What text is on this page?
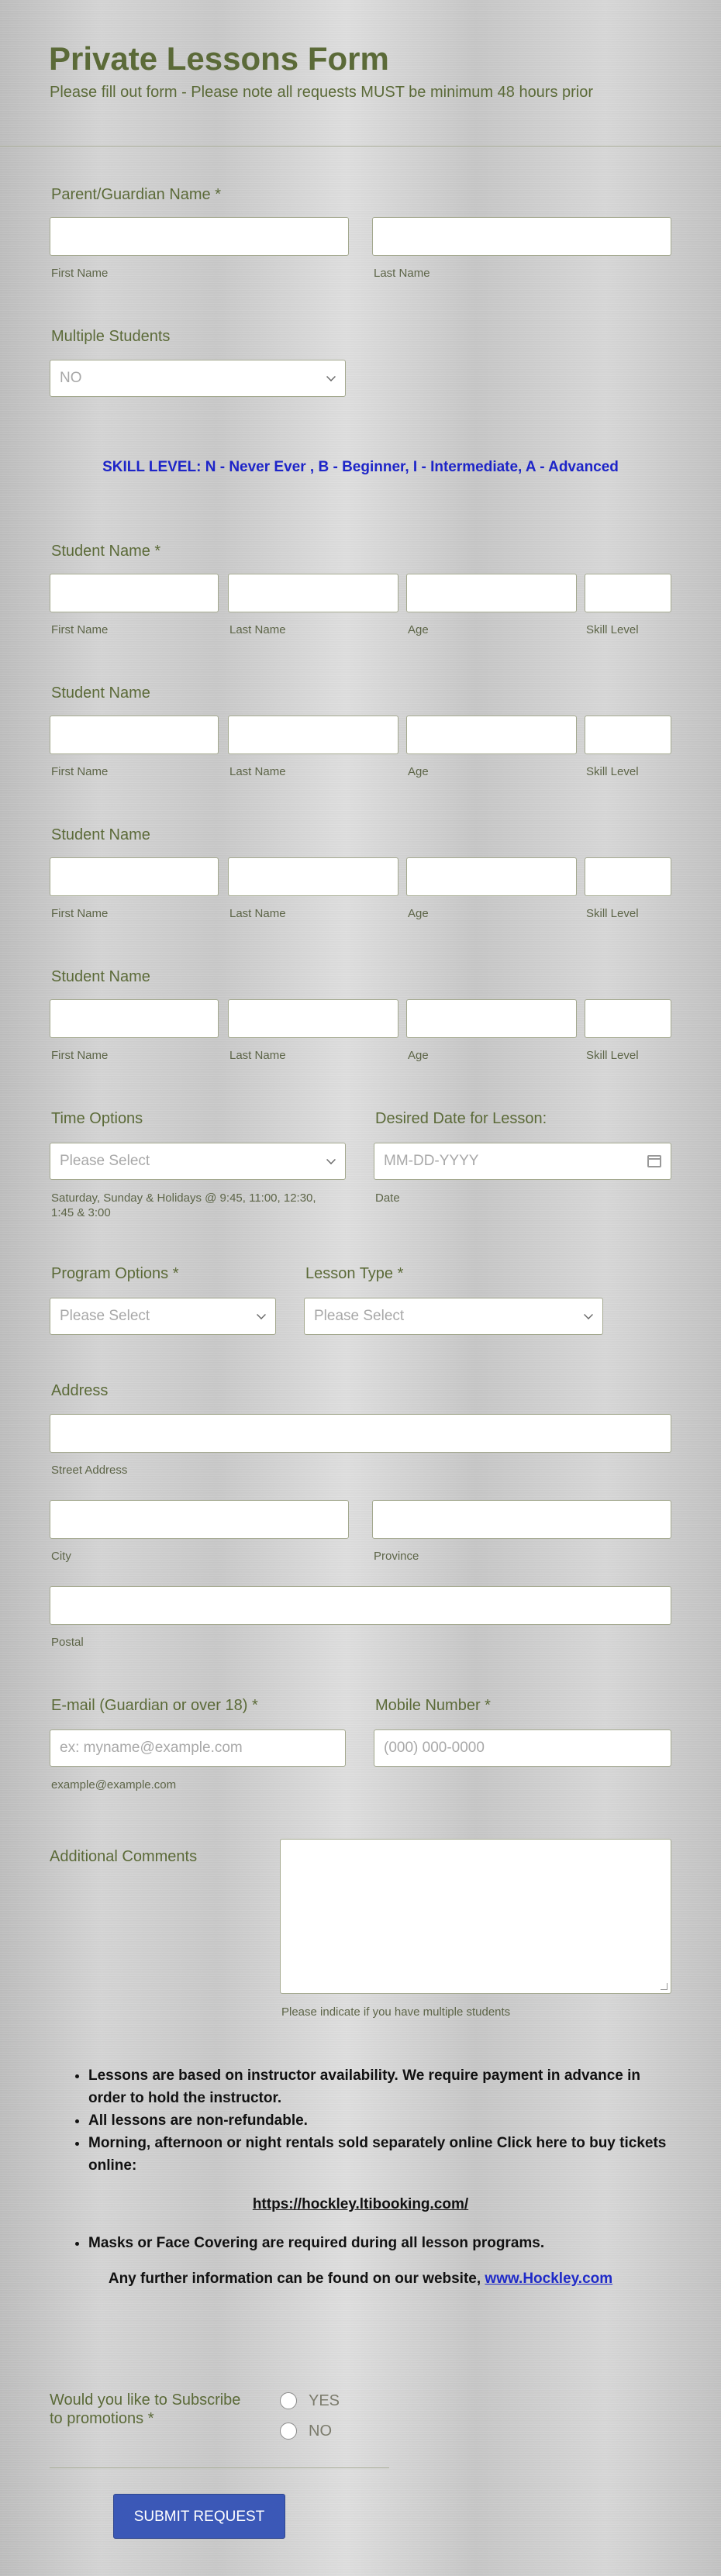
Private Lessons Form
Please fill out form - Please note all requests MUST be minimum 48 hours prior
Parent/Guardian Name *
First Name	Last Name
Multiple Students
NO
SKILL LEVEL: N - Never Ever , B - Beginner, I - Intermediate, A - Advanced
Student Name *
First Name	Last Name	Age	Skill Level
Student Name
First Name	Last Name	Age	Skill Level
Student Name
First Name	Last Name	Age	Skill Level
Student Name
First Name	Last Name	Age	Skill Level
Time Options
Please Select
Saturday, Sunday & Holidays @ 9:45, 11:00, 12:30,
1:45 & 3:00
Desired Date for Lesson:
MM-DD-YYYY
Date
Program Options *
Please Select
Lesson Type *
Please Select
Address
Street Address
City	Province
Postal
E-mail (Guardian or over 18) *
ex: myname@example.com
example@example.com
Mobile Number *
(000) 000-0000
Additional Comments
Please indicate if you have multiple students
• Lessons are based on instructor availability. We require payment in advance in order to hold the instructor.
• All lessons are non-refundable.
• Morning, afternoon or night rentals sold separately online Click here to buy tickets online:
https://hockley.ltibooking.com/
• Masks or Face Covering are required during all lesson programs.
Any further information can be found on our website, www.Hockley.com
Would you like to Subscribe
to promotions *
YES
NO
SUBMIT REQUEST
